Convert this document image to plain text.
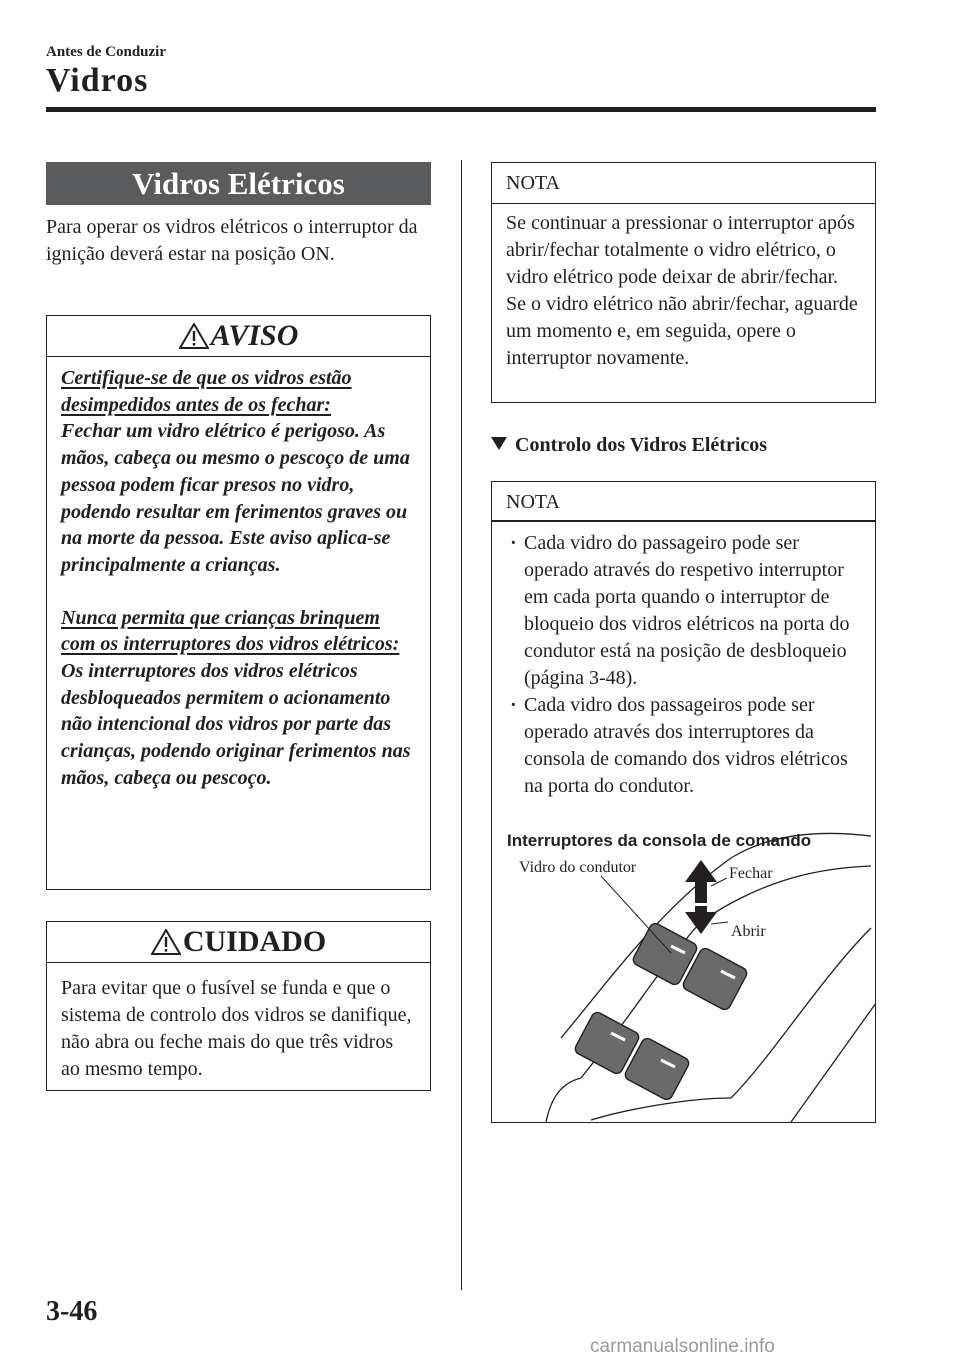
Antes de Conduzir
Vidros
Vidros Elétricos
Para operar os vidros elétricos o interruptor da ignição deverá estar na posição ON.
AVISO

Certifique-se de que os vidros estão desimpedidos antes de os fechar:

Fechar um vidro elétrico é perigoso. As mãos, cabeça ou mesmo o pescoço de uma pessoa podem ficar presos no vidro, podendo resultar em ferimentos graves ou na morte da pessoa. Este aviso aplica-se principalmente a crianças.

Nunca permita que crianças brinquem com os interruptores dos vidros elétricos:

Os interruptores dos vidros elétricos desbloqueados permitem o acionamento não intencional dos vidros por parte das crianças, podendo originar ferimentos nas mãos, cabeça ou pescoço.

CUIDADO
Para evitar que o fusível se funda e que o sistema de controlo dos vidros se danifique, não abra ou feche mais do que três vidros ao mesmo tempo.
NOTA
Se continuar a pressionar o interruptor após abrir/fechar totalmente o vidro elétrico, o vidro elétrico pode deixar de abrir/fechar. Se o vidro elétrico não abrir/fechar, aguarde um momento e, em seguida, opere o interruptor novamente.
Controlo dos Vidros Elétricos
NOTA
· Cada vidro do passageiro pode ser operado através do respetivo interruptor em cada porta quando o interruptor de bloqueio dos vidros elétricos na porta do condutor está na posição de desbloqueio (página 3-48).
· Cada vidro dos passageiros pode ser operado através dos interruptores da consola de comando dos vidros elétricos na porta do condutor.
Interruptores da consola de comando
Vidro do condutor	Fechar
Abrir
3-46
carmanualsonline.info
